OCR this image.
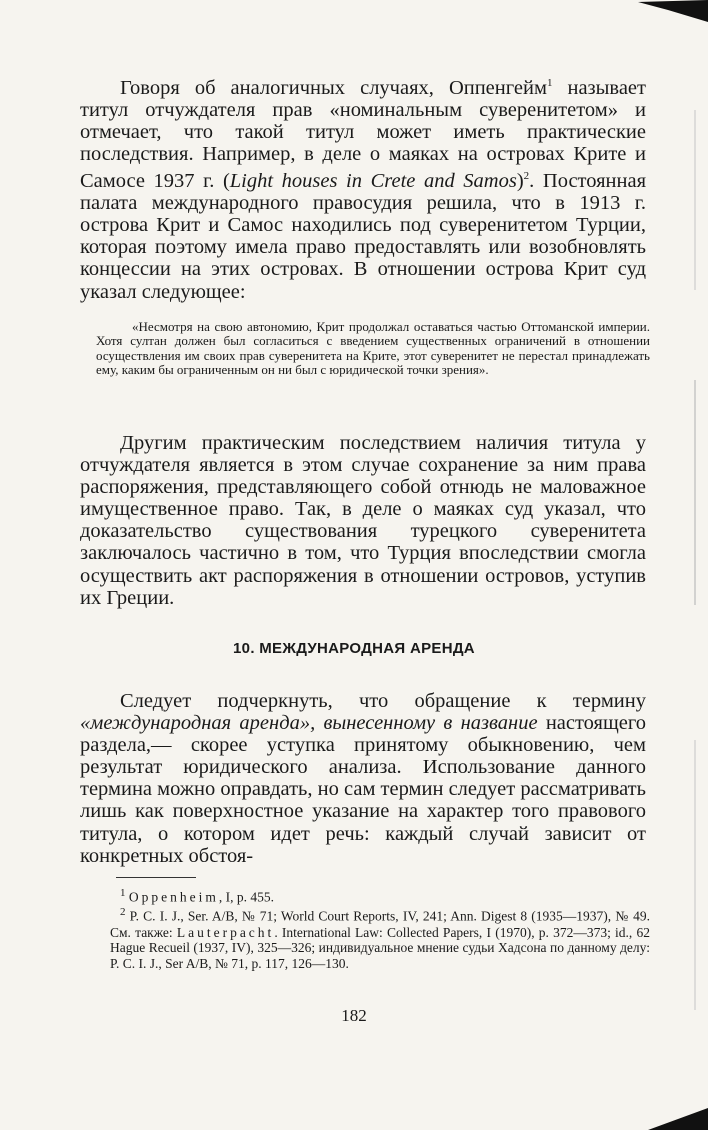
Говоря об аналогичных случаях, Оппенгейм$^1$ называет титул отчуждателя прав «номинальным суверенитетом» и отмечает, что такой титул может иметь практические последствия. Например, в деле о маяках на островах Крите и Самосе 1937 г. (Light houses in Crete and Samos)$^2$. Постоянная палата международного правосудия решила, что в 1913 г. острова Крит и Самос находились под суверенитетом Турции, которая поэтому имела право предоставлять или возобновлять концессии на этих островах. В отношении острова Крит суд указал следующее:

«Несмотря на свою автономию, Крит продолжал оставаться частью Оттоманской империи. Хотя султан должен был согласиться с введением существенных ограничений в отношении осуществления им своих прав суверенитета на Крите, этот суверенитет не перестал принадлежать ему, каким бы ограниченным он ни был с юридической точки зрения».

Другим практическим последствием наличия титула у отчуждателя является в этом случае сохранение за ним права распоряжения, представляющего собой отнюдь не маловажное имущественное право. Так, в деле о маяках суд указал, что доказательство существования турецкого суверенитета заключалось частично в том, что Турция впоследствии смогла осуществить акт распоряжения в отношении островов, уступив их Греции.

10. МЕЖДУНАРОДНАЯ АРЕНДА

Следует подчеркнуть, что обращение к термину «международная аренда», вынесенному в название настоящего раздела,— скорее уступка принятому обыкновению, чем результат юридического анализа. Использование данного термина можно оправдать, но сам термин следует рассматривать лишь как поверхностное указание на характер того правового титула, о котором идет речь: каждый случай зависит от конкретных обстоя-

$^1$ Oppenheim, I, p. 455.

$^2$ P. C. I. J., Ser. A/B, № 71; World Court Reports, IV, 241; Ann. Digest 8 (1935—1937), № 49. См. также: Lauterpacht. International Law: Collected Papers, I (1970), p. 372—373; id., 62 Hague Recueil (1937, IV), 325—326; индивидуальное мнение судьи Хадсона по данному делу: P. C. I. J., Ser A/B, № 71, p. 117, 126—130.

182
